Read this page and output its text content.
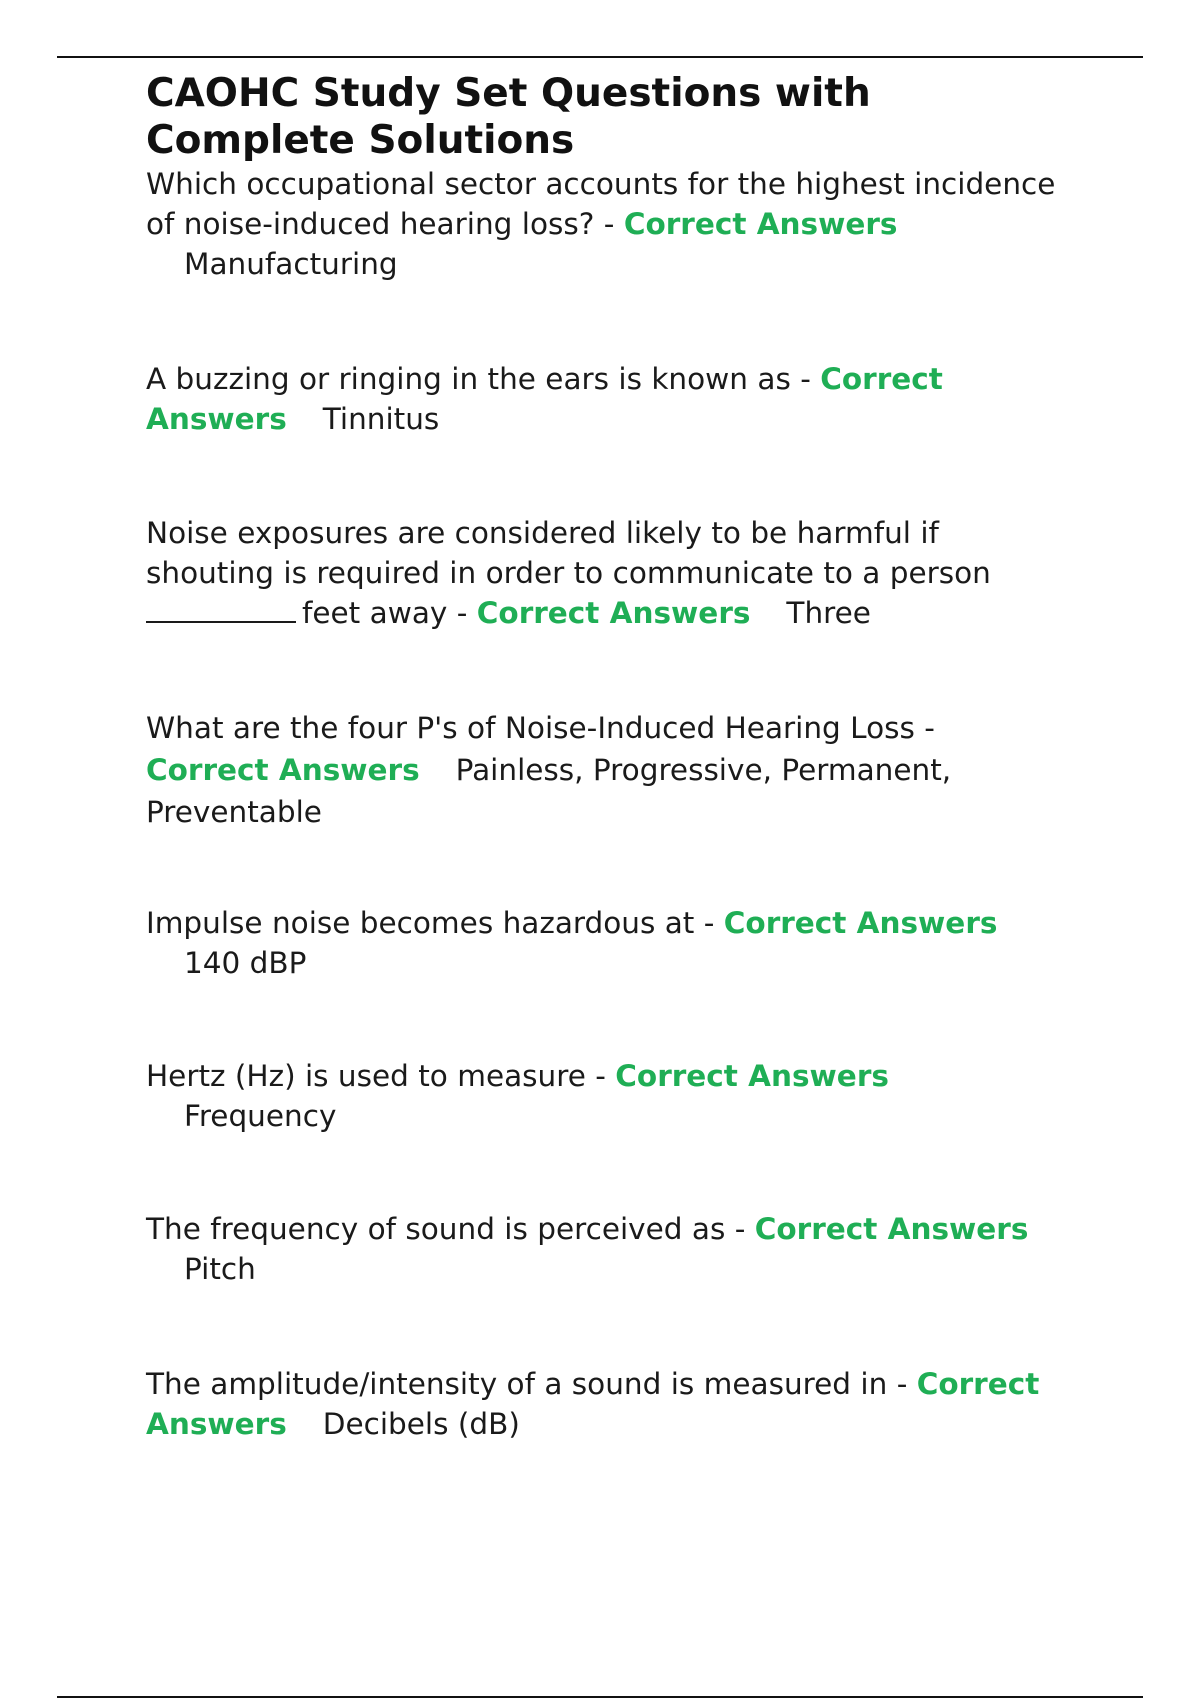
CAOHC Study Set Questions with
Complete Solutions

Which occupational sector accounts for the highest incidence of noise-induced hearing loss? - Correct Answers
Manufacturing

A buzzing or ringing in the ears is known as - Correct Answers Tinnitus

Noise exposures are considered likely to be harmful if shouting is required in order to communicate to a person
feet away - Correct Answers Three

What are the four P's of Noise-Induced Hearing Loss -
Correct Answers Painless, Progressive, Permanent, Preventable

Impulse noise becomes hazardous at - Correct Answers
140 dBP

Hertz (Hz) is used to measure - Correct Answers
Frequency

The frequency of sound is perceived as - Correct Answers
Pitch

The amplitude/intensity of a sound is measured in - Correct Answers Decibels (dB)
